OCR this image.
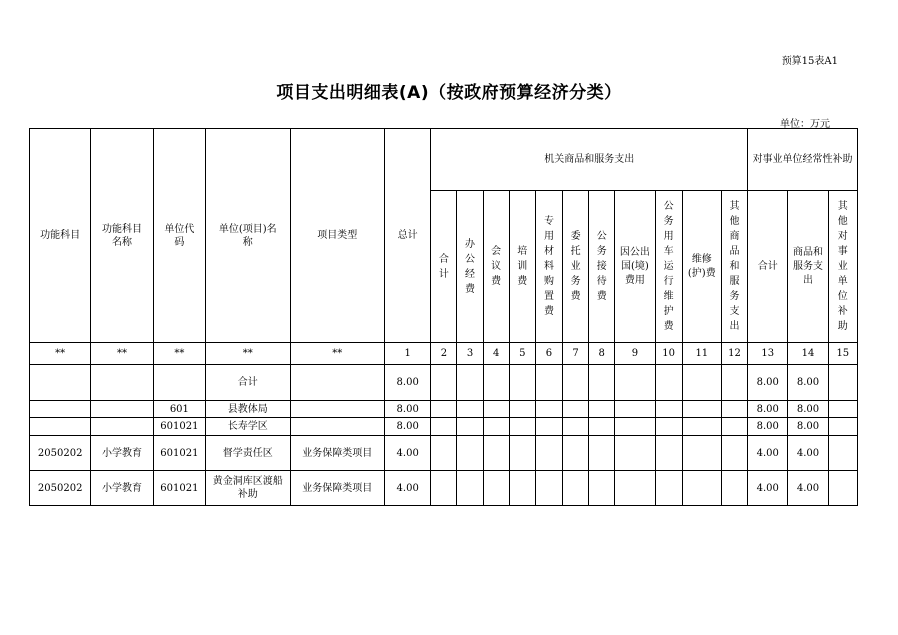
预算15表A1
项目支出明细表(A)（按政府预算经济分类）
单位：万元
功能科目	功能科目名称	单位代码	单位(项目)名称	项目类型	总计	机关商品和服务支出											对事业单位经常性补助		
						合计	办公经费	会议费	培训费	专用材料购置费	委托业务费	公务接待费	因公出国(境)费用	公务用车运行维护费	维修(护)费	其他商品和服务支出	合计	商品和服务支出	其他对事业单位补助
**	**	**	**	**	1	2	3	4	5	6	7	8	9	10	11	12	13	14	15
			合计		8.00												8.00	8.00	
		601	县教体局		8.00												8.00	8.00	
		601021	长寿学区		8.00												8.00	8.00	
2050202	小学教育	601021	督学责任区	业务保障类项目	4.00												4.00	4.00	
2050202	小学教育	601021	黄金洞库区渡船补助	业务保障类项目	4.00												4.00	4.00	
